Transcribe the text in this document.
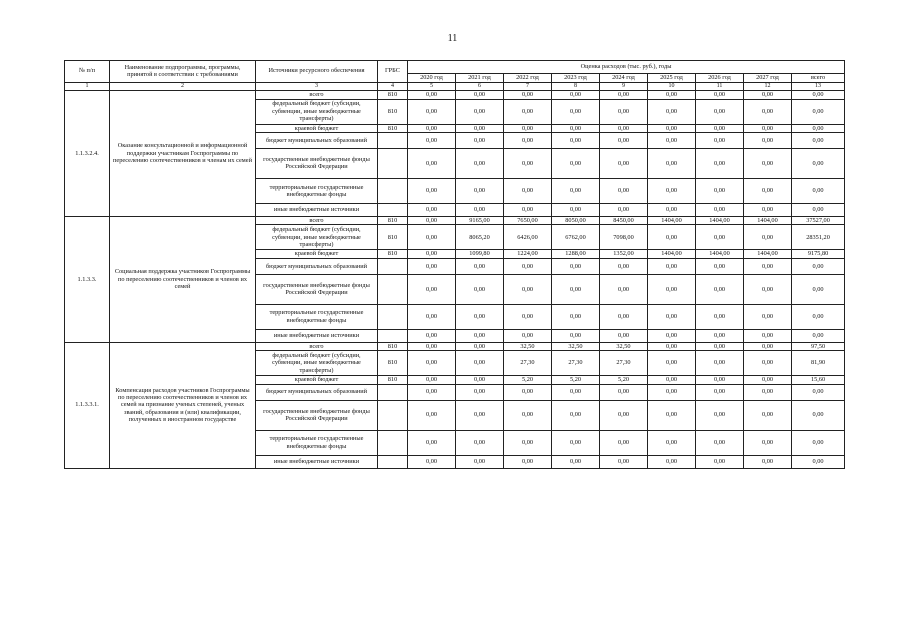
11
№ п/п	Наименование подпрограммы, программы, принятой в соответствии с требованиями	Источники ресурсного обеспечения	ГРБС	Оценка расходов (тыс. руб.), годы								
				2020 год	2021 год	2022 год	2023 год	2024 год	2025 год	2026 год	2027 год	всего
1	2	3	4	5	6	7	8	9	10	11	12	13
1.1.3.2.4.	Оказание консультационной и информационной поддержки участникам Госпрограммы по переселению соотечественников и членам их семей	всего	810	0,00	0,00	0,00	0,00	0,00	0,00	0,00	0,00	0,00
		федеральный бюджет (субсидии, субвенции, иные межбюджетные трансферты)	810	0,00	0,00	0,00	0,00	0,00	0,00	0,00	0,00	0,00
		краевой бюджет	810	0,00	0,00	0,00	0,00	0,00	0,00	0,00	0,00	0,00
		бюджет муниципальных образований		0,00	0,00	0,00	0,00	0,00	0,00	0,00	0,00	0,00
		государственные внебюджетные фонды Российской Федерации		0,00	0,00	0,00	0,00	0,00	0,00	0,00	0,00	0,00
		территориальные государственные внебюджетные фонды		0,00	0,00	0,00	0,00	0,00	0,00	0,00	0,00	0,00
		иные внебюджетные источники		0,00	0,00	0,00	0,00	0,00	0,00	0,00	0,00	0,00
1.1.3.3.	Социальная поддержка участников Госпрограммы по переселению соотечественников и членов их семей	всего	810	0,00	9165,00	7650,00	8050,00	8450,00	1404,00	1404,00	1404,00	37527,00
		федеральный бюджет (субсидии, субвенции, иные межбюджетные трансферты)	810	0,00	8065,20	6426,00	6762,00	7098,00	0,00	0,00	0,00	28351,20
		краевой бюджет	810	0,00	1099,80	1224,00	1288,00	1352,00	1404,00	1404,00	1404,00	9175,80
		бюджет муниципальных образований		0,00	0,00	0,00	0,00	0,00	0,00	0,00	0,00	0,00
		государственные внебюджетные фонды Российской Федерации		0,00	0,00	0,00	0,00	0,00	0,00	0,00	0,00	0,00
		территориальные государственные внебюджетные фонды		0,00	0,00	0,00	0,00	0,00	0,00	0,00	0,00	0,00
		иные внебюджетные источники		0,00	0,00	0,00	0,00	0,00	0,00	0,00	0,00	0,00
1.1.3.3.1.	Компенсация расходов участников Госпрограммы по переселению соотечественников и членов их семей на признание ученых степеней, ученых званий, образования и (или) квалификации, полученных в иностранном государстве	всего	810	0,00	0,00	32,50	32,50	32,50	0,00	0,00	0,00	97,50
		федеральный бюджет (субсидии, субвенции, иные межбюджетные трансферты)	810	0,00	0,00	27,30	27,30	27,30	0,00	0,00	0,00	81,90
		краевой бюджет	810	0,00	0,00	5,20	5,20	5,20	0,00	0,00	0,00	15,60
		бюджет муниципальных образований		0,00	0,00	0,00	0,00	0,00	0,00	0,00	0,00	0,00
		государственные внебюджетные фонды Российской Федерации		0,00	0,00	0,00	0,00	0,00	0,00	0,00	0,00	0,00
		территориальные государственные внебюджетные фонды		0,00	0,00	0,00	0,00	0,00	0,00	0,00	0,00	0,00
		иные внебюджетные источники		0,00	0,00	0,00	0,00	0,00	0,00	0,00	0,00	0,00
